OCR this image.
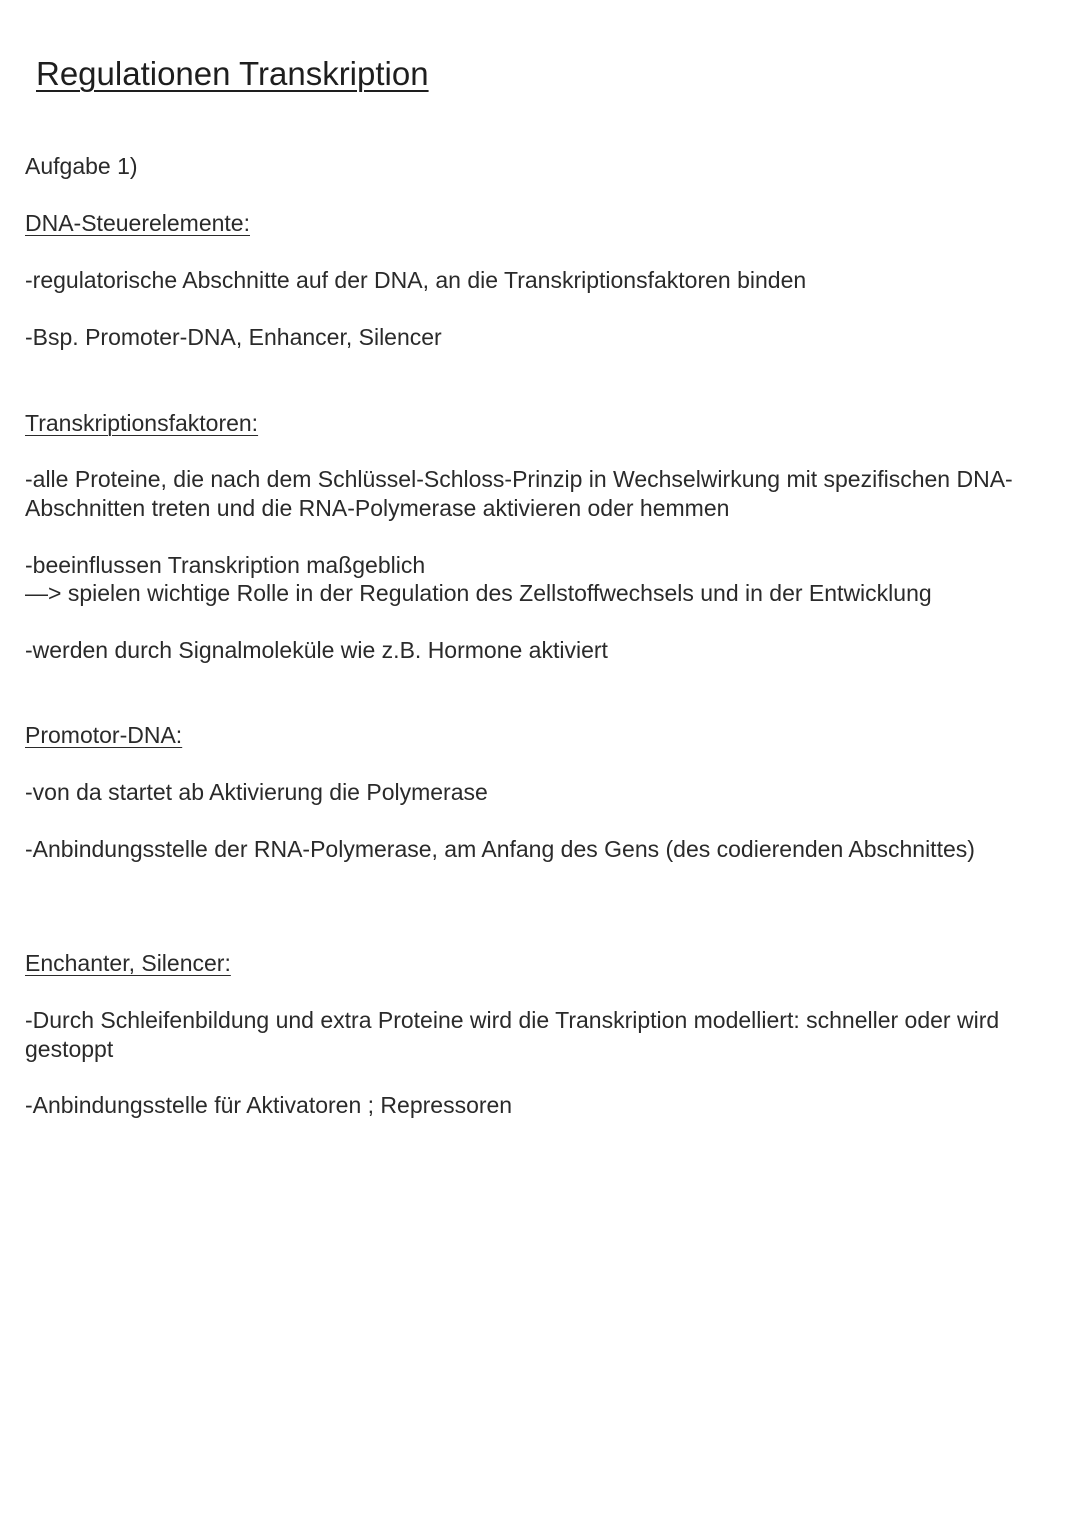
Regulationen Transkription
Aufgabe 1)
DNA-Steuerelemente:
-regulatorische Abschnitte auf der DNA, an die Transkriptionsfaktoren binden
-Bsp. Promoter-DNA, Enhancer, Silencer
Transkriptionsfaktoren:
-alle Proteine, die nach dem Schlüssel-Schloss-Prinzip in Wechselwirkung mit spezifischen DNA-Abschnitten treten und die RNA-Polymerase aktivieren oder hemmen
-beeinflussen Transkription maßgeblich
—> spielen wichtige Rolle in der Regulation des Zellstoffwechsels und in der Entwicklung
-werden durch Signalmoleküle wie z.B. Hormone aktiviert
Promotor-DNA:
-von da startet ab Aktivierung die Polymerase
-Anbindungsstelle der RNA-Polymerase, am Anfang des Gens (des codierenden Abschnittes)
Enchanter, Silencer:
-Durch Schleifenbildung und extra Proteine wird die Transkription modelliert: schneller oder wird gestoppt
-Anbindungsstelle für Aktivatoren ; Repressoren
